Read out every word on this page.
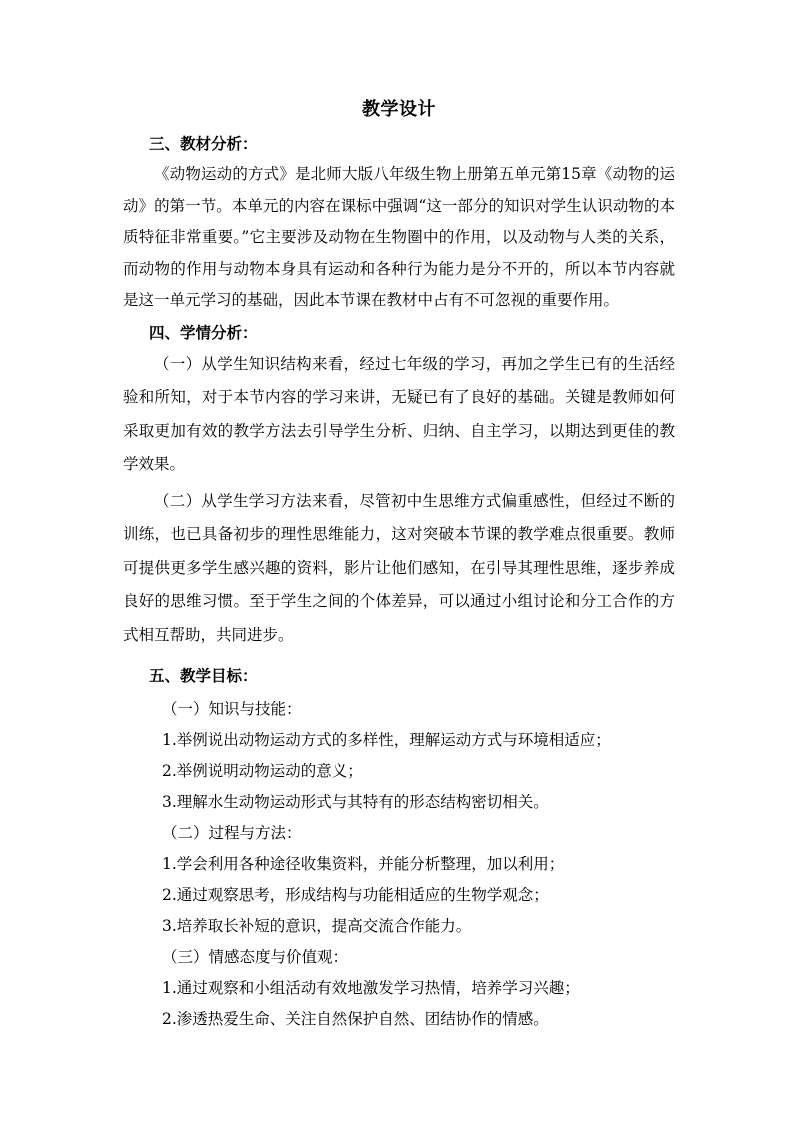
教学设计
三、教材分析：

《动物运动的方式》是北师大版八年级生物上册第五单元第15章《动物的运动》的第一节。本单元的内容在课标中强调“这一部分的知识对学生认识动物的本质特征非常重要。”它主要涉及动物在生物圈中的作用，以及动物与人类的关系，而动物的作用与动物本身具有运动和各种行为能力是分不开的，所以本节内容就是这一单元学习的基础，因此本节课在教材中占有不可忽视的重要作用。

四、学情分析：

（一）从学生知识结构来看，经过七年级的学习，再加之学生已有的生活经验和所知，对于本节内容的学习来讲，无疑已有了良好的基础。关键是教师如何采取更加有效的教学方法去引导学生分析、归纳、自主学习，以期达到更佳的教学效果。

（二）从学生学习方法来看，尽管初中生思维方式偏重感性，但经过不断的训练，也已具备初步的理性思维能力，这对突破本节课的教学难点很重要。教师可提供更多学生感兴趣的资料，影片让他们感知，在引导其理性思维，逐步养成良好的思维习惯。至于学生之间的个体差异，可以通过小组讨论和分工合作的方式相互帮助，共同进步。

五、教学目标：
（一）知识与技能：
1.举例说出动物运动方式的多样性，理解运动方式与环境相适应；
2.举例说明动物运动的意义；
3.理解水生动物运动形式与其特有的形态结构密切相关。
（二）过程与方法：
1.学会利用各种途径收集资料，并能分析整理，加以利用；
2.通过观察思考，形成结构与功能相适应的生物学观念；
3.培养取长补短的意识，提高交流合作能力。
（三）情感态度与价值观：
1.通过观察和小组活动有效地激发学习热情，培养学习兴趣；
2.渗透热爱生命、关注自然保护自然、团结协作的情感。
